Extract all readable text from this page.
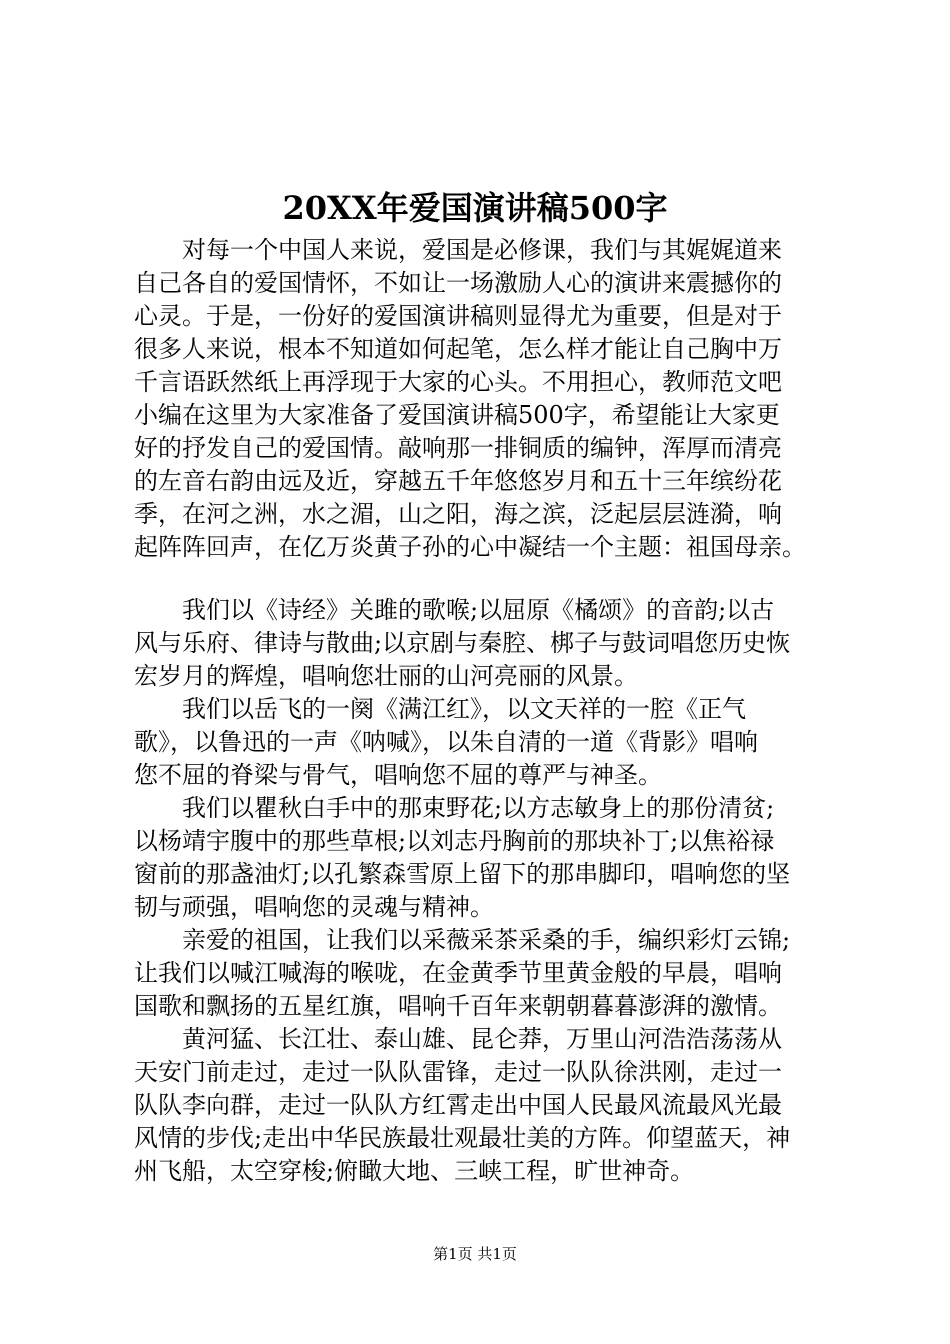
20XX年爱国演讲稿500字
对每一个中国人来说，爱国是必修课，我们与其娓娓道来
自己各自的爱国情怀，不如让一场激励人心的演讲来震撼你的
心灵。于是，一份好的爱国演讲稿则显得尤为重要，但是对于
很多人来说，根本不知道如何起笔，怎么样才能让自己胸中万
千言语跃然纸上再浮现于大家的心头。不用担心，教师范文吧
小编在这里为大家准备了爱国演讲稿500字，希望能让大家更
好的抒发自己的爱国情。敲响那一排铜质的编钟，浑厚而清亮
的左音右韵由远及近，穿越五千年悠悠岁月和五十三年缤纷花
季，在河之洲，水之湄，山之阳，海之滨，泛起层层涟漪，响
起阵阵回声，在亿万炎黄子孙的心中凝结一个主题：祖国母亲。
我们以《诗经》关雎的歌喉;以屈原《橘颂》的音韵;以古
风与乐府、律诗与散曲;以京剧与秦腔、梆子与鼓词唱您历史恢
宏岁月的辉煌，唱响您壮丽的山河亮丽的风景。
我们以岳飞的一阕《满江红》，以文天祥的一腔《正气
歌》，以鲁迅的一声《呐喊》，以朱自清的一道《背影》唱响
您不屈的脊梁与骨气，唱响您不屈的尊严与神圣。
我们以瞿秋白手中的那束野花;以方志敏身上的那份清贫;
以杨靖宇腹中的那些草根;以刘志丹胸前的那块补丁;以焦裕禄
窗前的那盏油灯;以孔繁森雪原上留下的那串脚印，唱响您的坚
韧与顽强，唱响您的灵魂与精神。
亲爱的祖国，让我们以采薇采茶采桑的手，编织彩灯云锦;
让我们以喊江喊海的喉咙，在金黄季节里黄金般的早晨，唱响
国歌和飘扬的五星红旗，唱响千百年来朝朝暮暮澎湃的激情。
黄河猛、长江壮、泰山雄、昆仑莽，万里山河浩浩荡荡从
天安门前走过，走过一队队雷锋，走过一队队徐洪刚，走过一
队队李向群，走过一队队方红霄走出中国人民最风流最风光最
风情的步伐;走出中华民族最壮观最壮美的方阵。仰望蓝天，神
州飞船，太空穿梭;俯瞰大地、三峡工程，旷世神奇。
第1页 共1页
